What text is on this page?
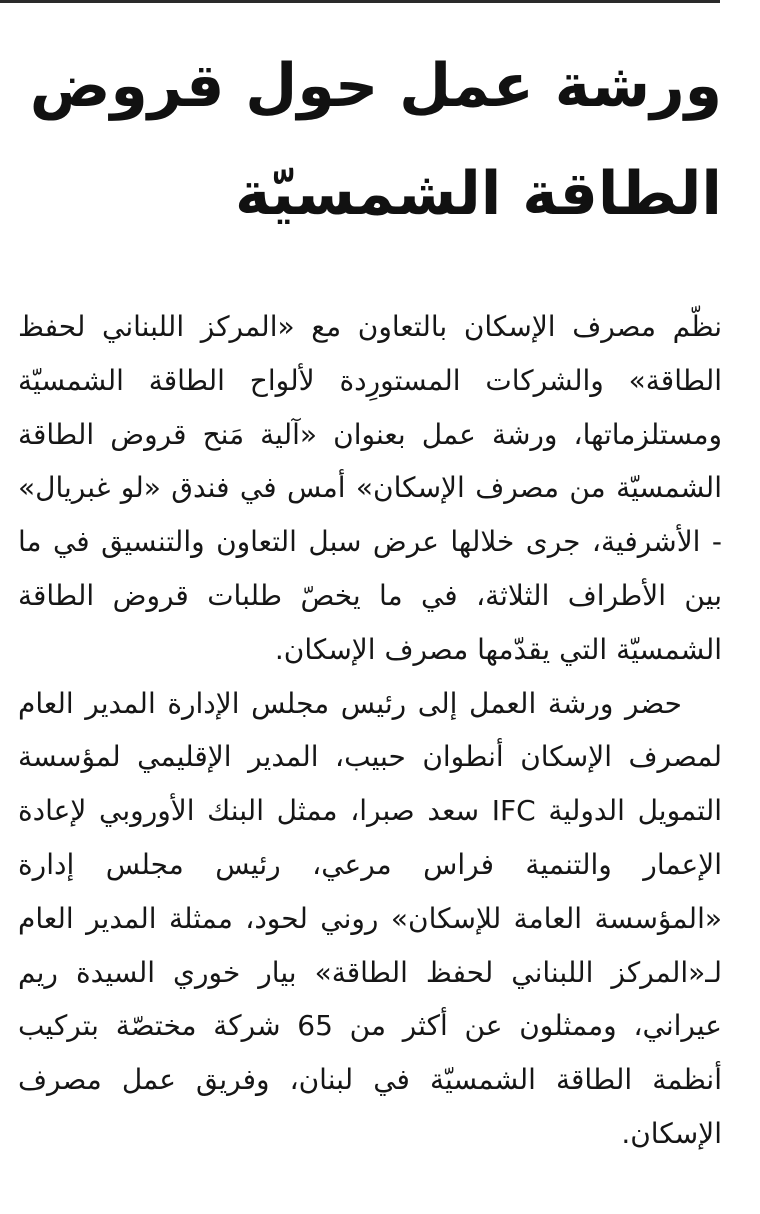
ورشة عمل حول قروض
الطاقة الشمسيّة

نظّم مصرف الإسكان بالتعاون مع «المركز اللبناني لحفظ الطاقة» والشركات المستورِدة لألواح الطاقة الشمسيّة ومستلزماتها، ورشة عمل بعنوان «آلية مَنح قروض الطاقة الشمسيّة من مصرف الإسكان» أمس في فندق «لو غبريال» - الأشرفية، جرى خلالها عرض سبل التعاون والتنسيق في ما بين الأطراف الثلاثة، في ما يخصّ طلبات قروض الطاقة الشمسيّة التي يقدّمها مصرف الإسكان.

حضر ورشة العمل إلى رئيس مجلس الإدارة المدير العام لمصرف الإسكان أنطوان حبيب، المدير الإقليمي لمؤسسة التمويل الدولية IFC سعد صبرا، ممثل البنك الأوروبي لإعادة الإعمار والتنمية فراس مرعي، رئيس مجلس إدارة «المؤسسة العامة للإسكان» روني لحود، ممثلة المدير العام لـ«المركز اللبناني لحفظ الطاقة» بيار خوري السيدة ريم عيراني، وممثلون عن أكثر من 65 شركة مختصّة بتركيب أنظمة الطاقة الشمسيّة في لبنان، وفريق عمل مصرف الإسكان.
